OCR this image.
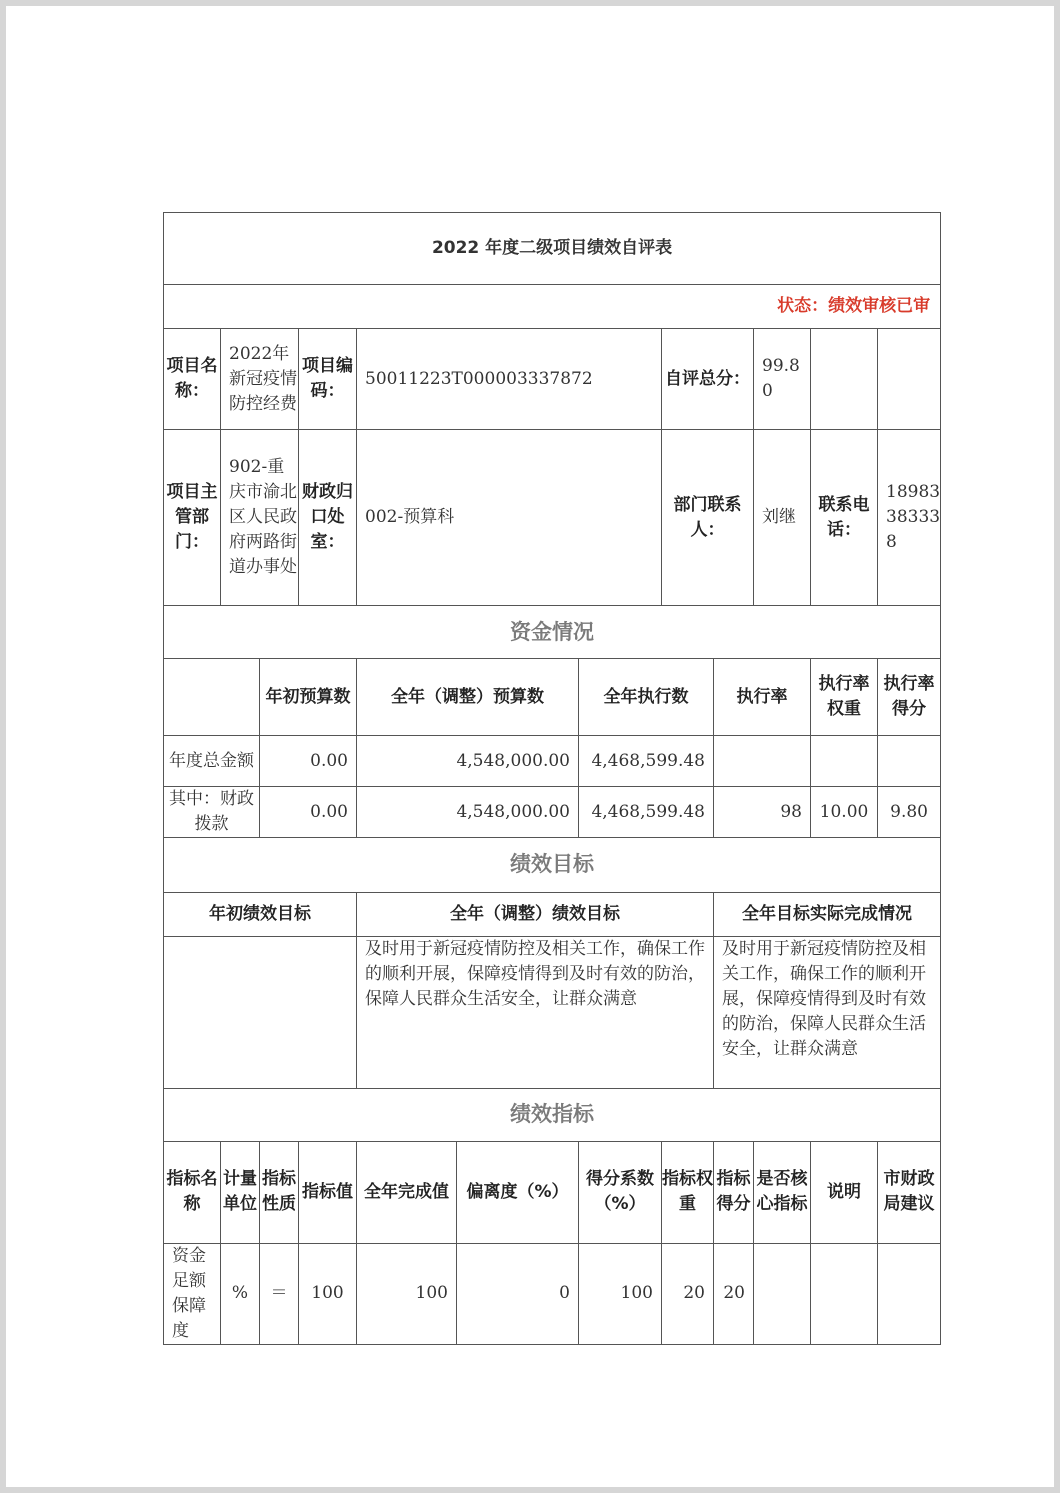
2022 年度二级项目绩效自评表											
状态：绩效审核已审											
项目名称：	2022年新冠疫情防控经费		项目编码：	50011223T000003337872			自评总分：		99.80		
项目主管部门：	902-重庆市渝北区人民政府两路街道办事处		财政归口处室：	002-预算科			部门联系人：		刘继	联系电话：	18983383338
资金情况											
		年初预算数		全年（调整）预算数		全年执行数		执行率		执行率权重	执行率得分
年度总金额		0.00		4,548,000.00		4,468,599.48					
其中：财政拨款		0.00		4,548,000.00		4,468,599.48		98		10.00	9.80
绩效目标											
年初绩效目标				全年（调整）绩效目标				全年目标实际完成情况			
				及时用于新冠疫情防控及相关工作，确保工作的顺利开展，保障疫情得到及时有效的防治，保障人民群众生活安全，让群众满意				及时用于新冠疫情防控及相关工作，确保工作的顺利开展，保障疫情得到及时有效的防治，保障人民群众生活安全，让群众满意			
绩效指标											
指标名称	计量单位	指标性质	指标值	全年完成值	偏离度（%）	得分系数（%）	指标权重	指标得分	是否核心指标	说明	市财政局建议
资金足额保障度	%	＝	100	100	0	100	20	20			
